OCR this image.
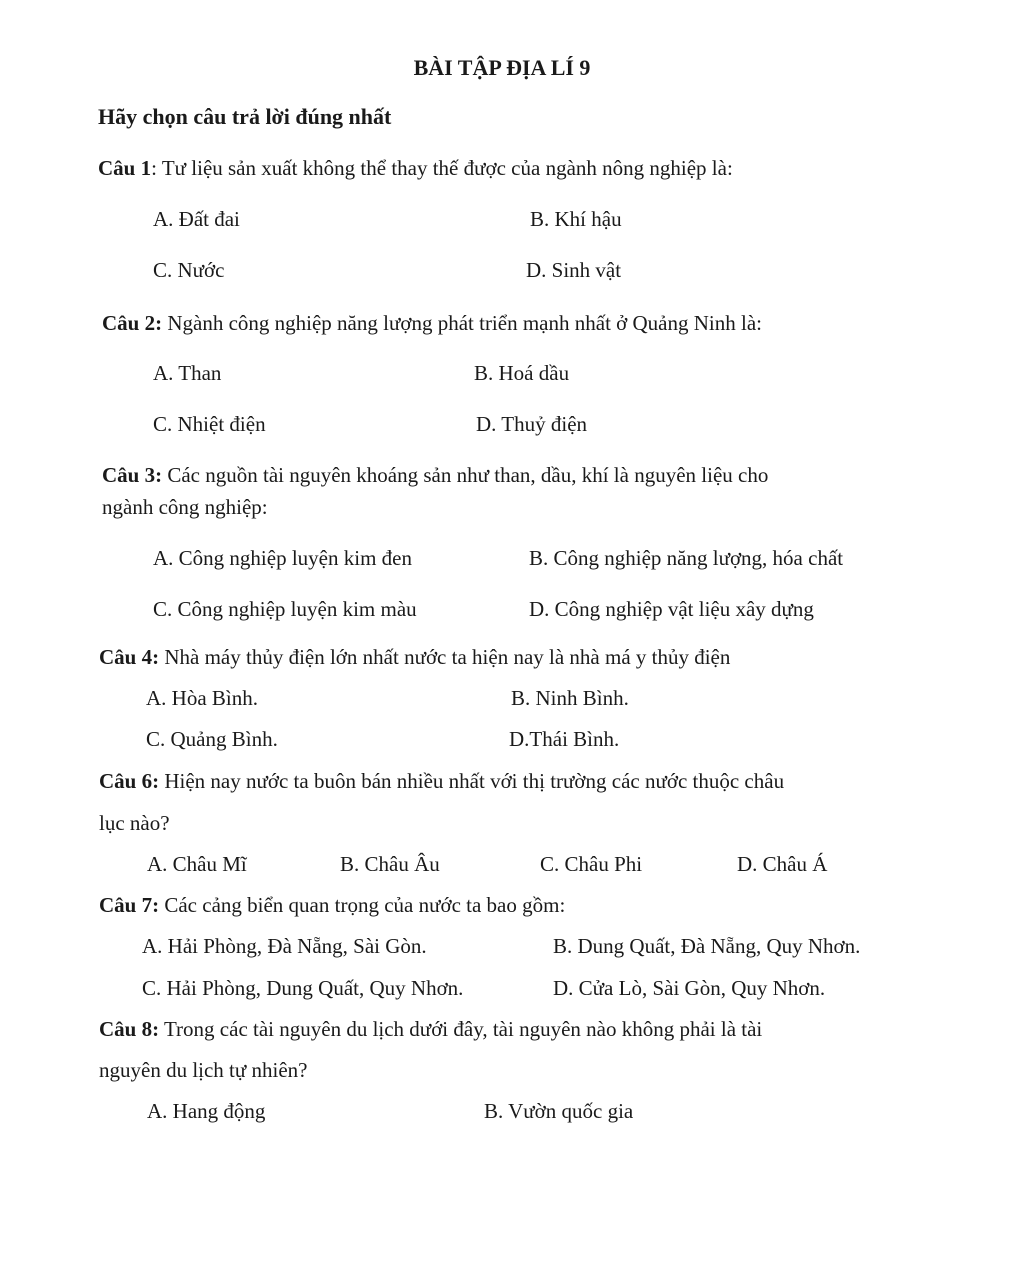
BÀI TẬP ĐỊA LÍ 9
Hãy chọn câu trả lời đúng nhất
Câu 1: Tư liệu sản xuất không thể thay thế được của ngành nông nghiệp là:
A. Đất đai	B. Khí hậu
C. Nước	D. Sinh vật
Câu 2: Ngành công nghiệp năng lượng phát triển mạnh nhất ở Quảng Ninh là:
A. Than	B. Hoá dầu
C. Nhiệt điện	D. Thuỷ điện
Câu 3: Các nguồn tài nguyên khoáng sản như than, dầu, khí là nguyên liệu cho
ngành công nghiệp:
A. Công nghiệp luyện kim đen	B. Công nghiệp năng lượng, hóa chất
C. Công nghiệp luyện kim màu	D. Công nghiệp vật liệu xây dựng
Câu 4: Nhà máy thủy điện lớn nhất nước ta hiện nay là nhà má y thủy điện
A. Hòa Bình.	B. Ninh Bình.
C. Quảng Bình.	D.Thái Bình.
Câu 6: Hiện nay nước ta buôn bán nhiều nhất với thị trường các nước thuộc châu
lục nào?
A. Châu Mĩ	B. Châu Âu	C. Châu Phi	D. Châu Á
Câu 7: Các cảng biển quan trọng của nước ta bao gồm:
A. Hải Phòng, Đà Nẵng, Sài Gòn.	B. Dung Quất, Đà Nẵng, Quy Nhơn.
C. Hải Phòng, Dung Quất, Quy Nhơn.	D. Cửa Lò, Sài Gòn, Quy Nhơn.
Câu 8: Trong các tài nguyên du lịch dưới đây, tài nguyên nào không phải là tài
nguyên du lịch tự nhiên?
A. Hang động	B. Vườn quốc gia
